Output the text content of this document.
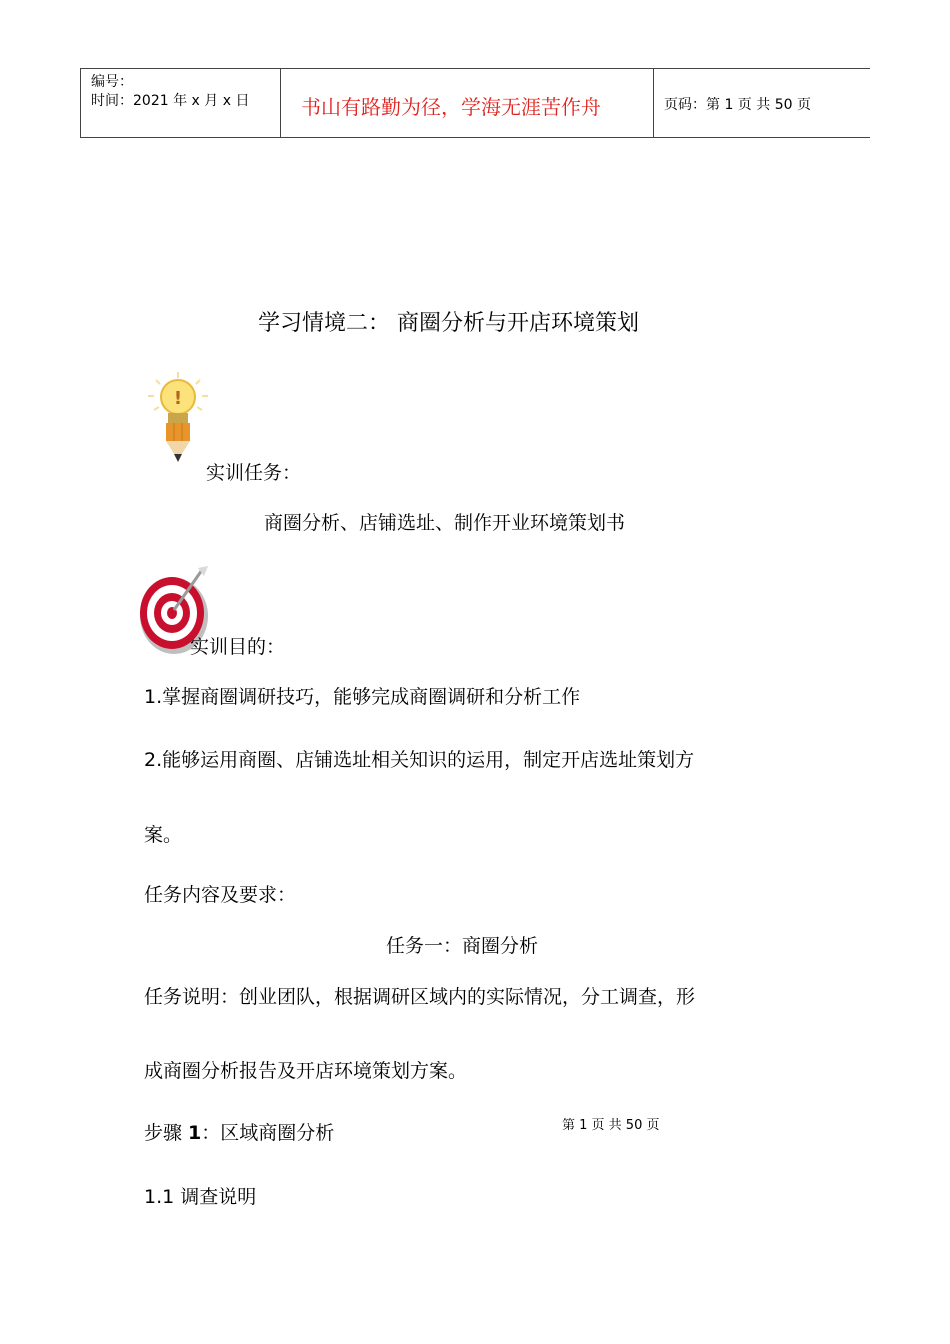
编号：
时间：2021 年 x 月 x 日	书山有路勤为径，学海无涯苦作舟	页码：第 1 页 共 50 页
学习情境二： 商圈分析与开店环境策划
!
实训任务：
商圈分析、店铺选址、制作开业环境策划书
实训目的：
1.掌握商圈调研技巧，能够完成商圈调研和分析工作
2.能够运用商圈、店铺选址相关知识的运用，制定开店选址策划方
案。
任务内容及要求：
任务一：商圈分析
任务说明：创业团队，根据调研区域内的实际情况，分工调查，形
成商圈分析报告及开店环境策划方案。
步骤 1：区域商圈分析	第 1 页 共 50 页
1.1 调查说明
